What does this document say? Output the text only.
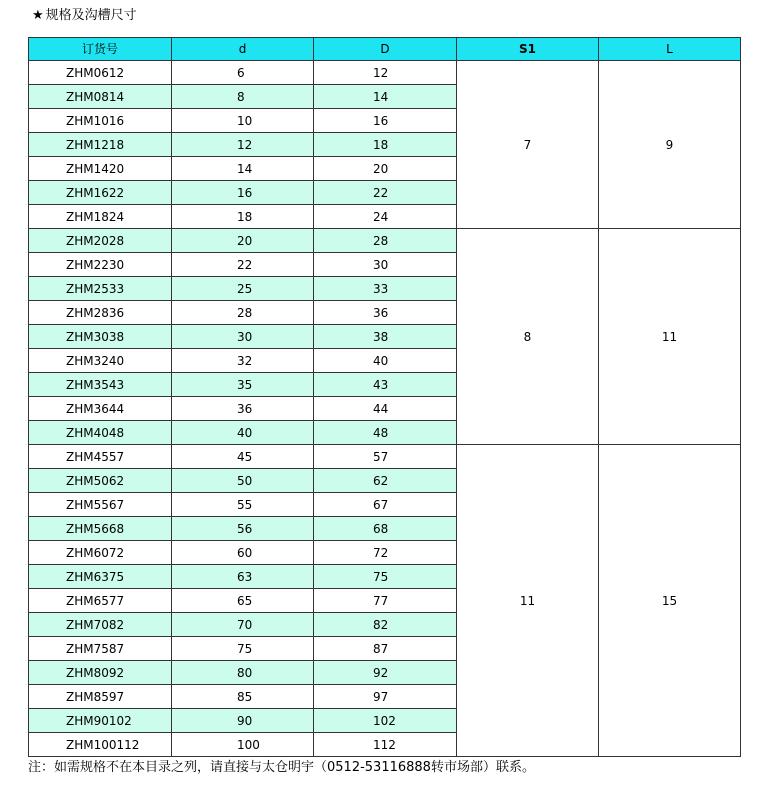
★ 规格及沟槽尺寸
订货号	d	D	S1	L
ZHM0612	6	12	7	9
ZHM0814	8	14		
ZHM1016	10	16		
ZHM1218	12	18		
ZHM1420	14	20		
ZHM1622	16	22		
ZHM1824	18	24		
ZHM2028	20	28	8	11
ZHM2230	22	30		
ZHM2533	25	33		
ZHM2836	28	36		
ZHM3038	30	38		
ZHM3240	32	40		
ZHM3543	35	43		
ZHM3644	36	44		
ZHM4048	40	48		
ZHM4557	45	57	11	15
ZHM5062	50	62		
ZHM5567	55	67		
ZHM5668	56	68		
ZHM6072	60	72		
ZHM6375	63	75		
ZHM6577	65	77		
ZHM7082	70	82		
ZHM7587	75	87		
ZHM8092	80	92		
ZHM8597	85	97		
ZHM90102	90	102		
ZHM100112	100	112		
注：如需规格不在本目录之列，请直接与太仓明宇（0512-53116888转市场部）联系。
